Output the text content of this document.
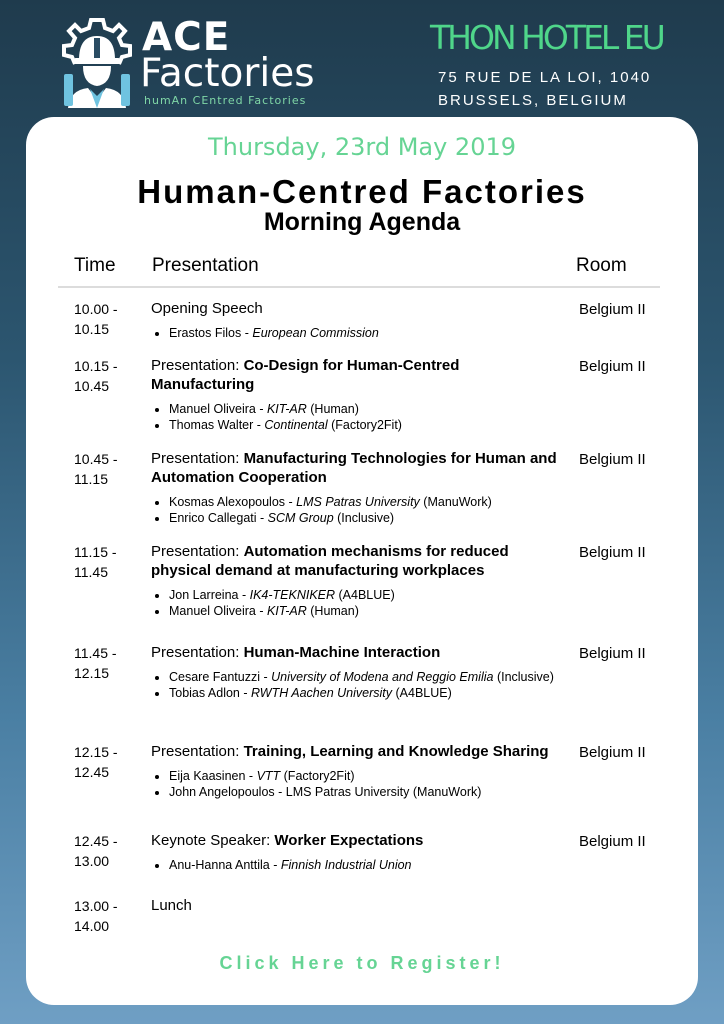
ACE
Factories
humAn CEntred Factories
THON HOTEL EU
75 RUE DE LA LOI, 1040
BRUSSELS, BELGIUM
Thursday, 23rd May 2019
Human-Centred Factories
Morning Agenda
Time Presentation	Room
10.00 -
10.15
Opening Speech
• Erastos Filos - European Commission
Belgium II
10.15 -
10.45
Presentation: Co-Design for Human-Centred Manufacturing
• Manuel Oliveira - KIT-AR (Human)
• Thomas Walter - Continental (Factory2Fit)
Belgium II
10.45 -
11.15
Presentation: Manufacturing Technologies for Human and Automation Cooperation
• Kosmas Alexopoulos - LMS Patras University (ManuWork)
• Enrico Callegati - SCM Group (Inclusive)
Belgium II
11.15 -
11.45
Presentation: Automation mechanisms for reduced physical demand at manufacturing workplaces
• Jon Larreina - IK4-TEKNIKER (A4BLUE)
• Manuel Oliveira - KIT-AR (Human)
Belgium II
11.45 -
12.15
Presentation: Human-Machine Interaction
• Cesare Fantuzzi - University of Modena and Reggio Emilia (Inclusive)
• Tobias Adlon - RWTH Aachen University (A4BLUE)
Belgium II
12.15 -
12.45
Presentation: Training, Learning and Knowledge Sharing
• Eija Kaasinen - VTT (Factory2Fit)
• John Angelopoulos - LMS Patras University (ManuWork)
Belgium II
12.45 -
13.00
Keynote Speaker: Worker Expectations
• Anu-Hanna Anttila - Finnish Industrial Union
Belgium II
13.00 -
14.00
Lunch
Click Here to Register!
